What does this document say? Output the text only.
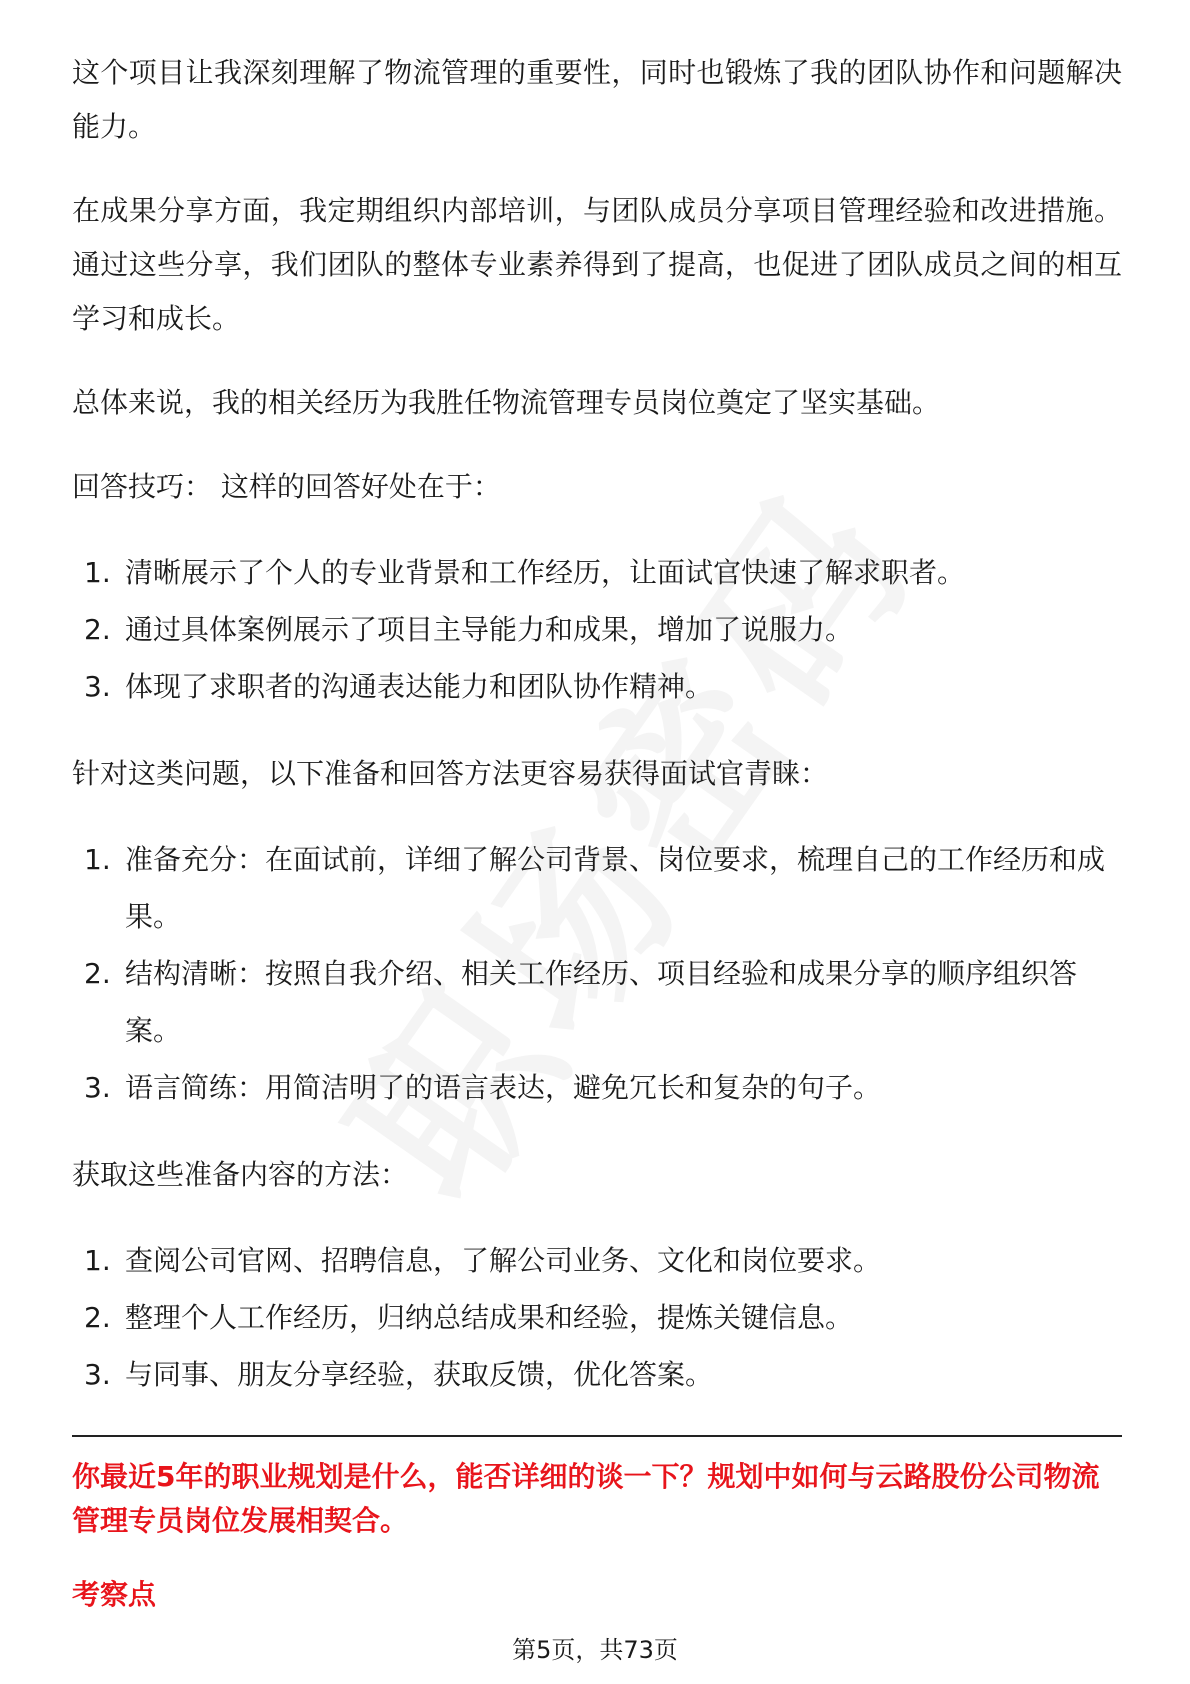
这个项目让我深刻理解了物流管理的重要性，同时也锻炼了我的团队协作和问题解决能力。

在成果分享方面，我定期组织内部培训，与团队成员分享项目管理经验和改进措施。通过这些分享，我们团队的整体专业素养得到了提高，也促进了团队成员之间的相互学习和成长。

总体来说，我的相关经历为我胜任物流管理专员岗位奠定了坚实基础。

回答技巧： 这样的回答好处在于：

1. 清晰展示了个人的专业背景和工作经历，让面试官快速了解求职者。
2. 通过具体案例展示了项目主导能力和成果，增加了说服力。
3. 体现了求职者的沟通表达能力和团队协作精神。

针对这类问题，以下准备和回答方法更容易获得面试官青睐：

1. 准备充分：在面试前，详细了解公司背景、岗位要求，梳理自己的工作经历和成果。
2. 结构清晰：按照自我介绍、相关工作经历、项目经验和成果分享的顺序组织答案。
3. 语言简练：用简洁明了的语言表达，避免冗长和复杂的句子。

获取这些准备内容的方法：

1. 查阅公司官网、招聘信息，了解公司业务、文化和岗位要求。
2. 整理个人工作经历，归纳总结成果和经验，提炼关键信息。
3. 与同事、朋友分享经验，获取反馈，优化答案。

你最近5年的职业规划是什么，能否详细的谈一下？规划中如何与云路股份公司物流管理专员岗位发展相契合。

考察点

第5页，共73页
